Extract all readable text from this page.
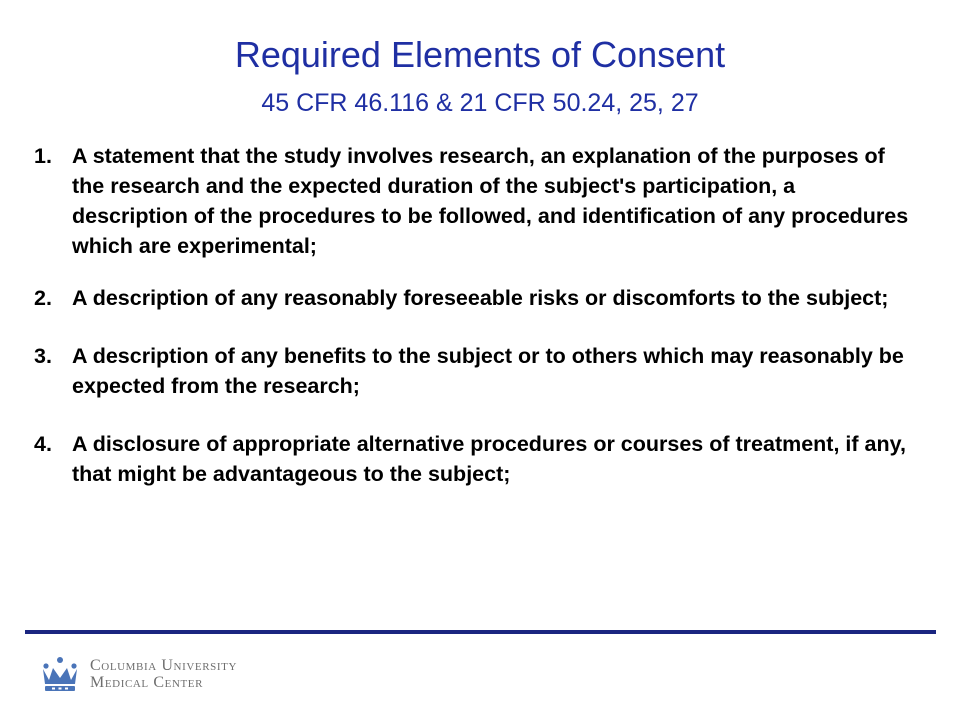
Required Elements of Consent
45 CFR 46.116 & 21 CFR 50.24, 25, 27
1. A statement that the study involves research, an explanation of the purposes of the research and the expected duration of the subject's participation, a description of the procedures to be followed, and identification of any procedures which are experimental;
2. A description of any reasonably foreseeable risks or discomforts to the subject;
3. A description of any benefits to the subject or to others which may reasonably be expected from the research;
4. A disclosure of appropriate alternative procedures or courses of treatment, if any, that might be advantageous to the subject;
Columbia University
Medical Center
